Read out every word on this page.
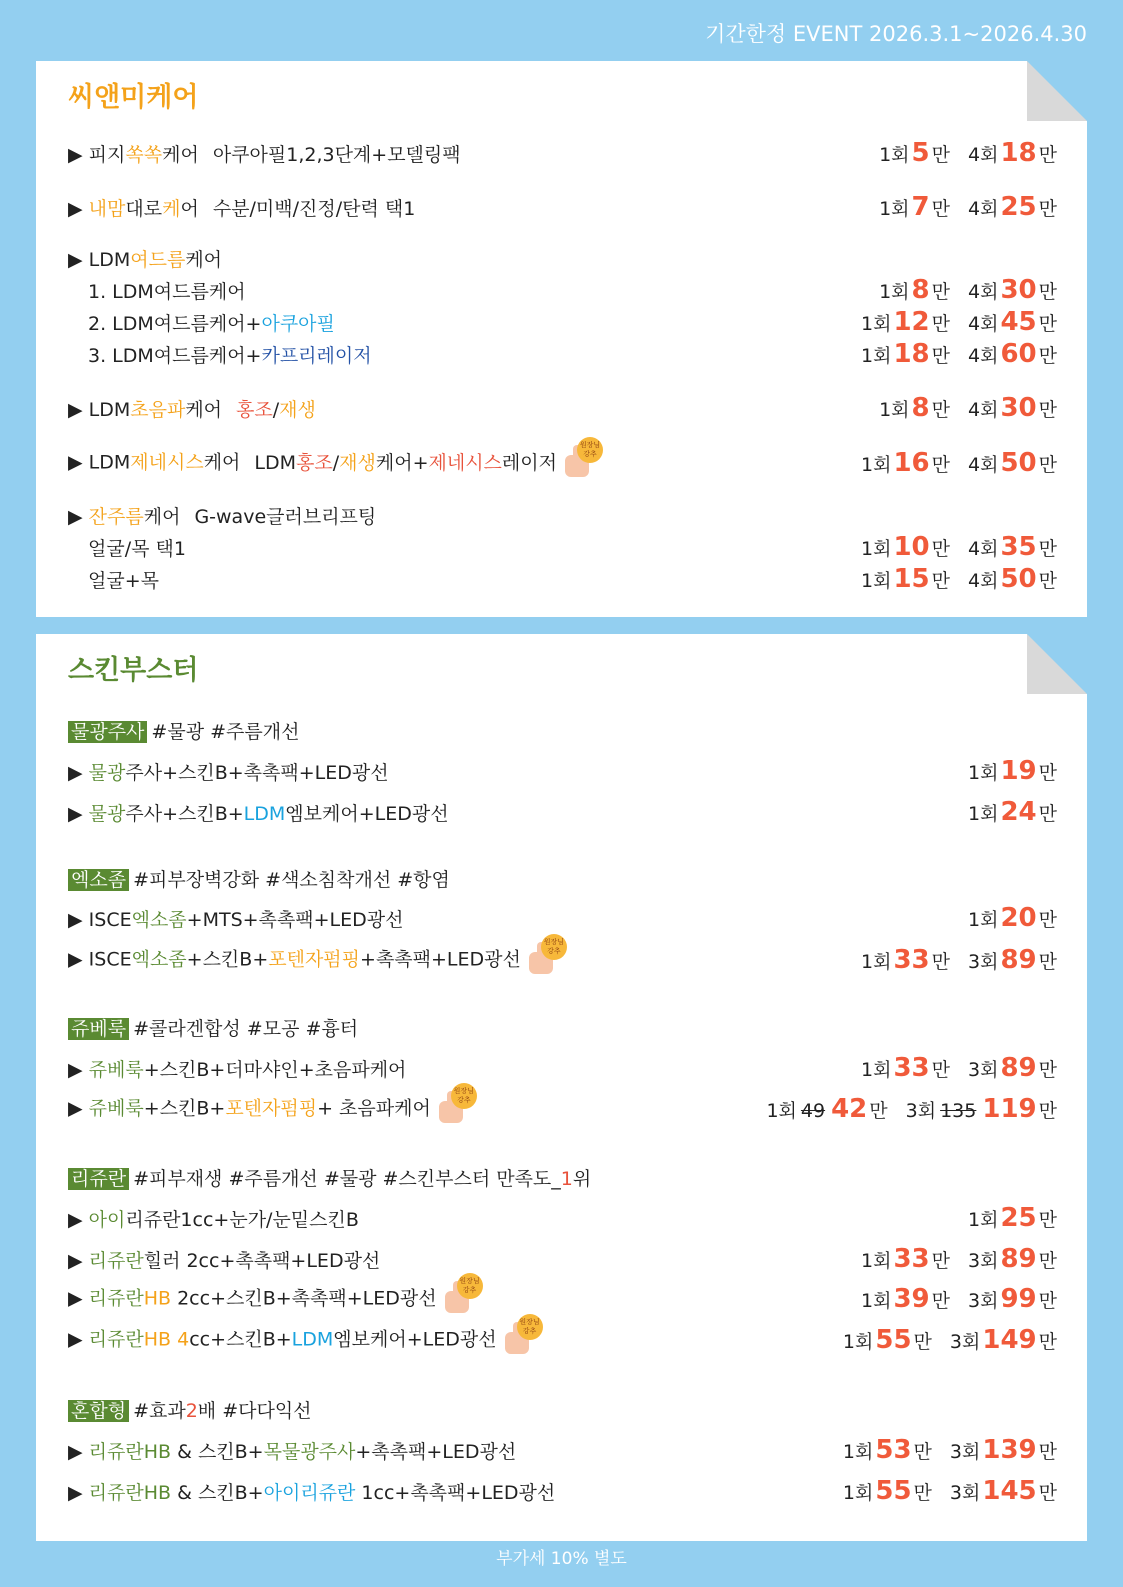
기간한정 EVENT 2026.3.1~2026.4.30
씨앤미케어
▶ 피지쏙쏙케어 아쿠아필1,2,3단계+모델링팩	1회 5 만 4회 18 만
▶ 내맘대로케어 수분/미백/진정/탄력 택1	1회 7 만 4회 25 만
▶ LDM여드름케어
1. LDM여드름케어	1회 8 만 4회 30 만
2. LDM여드름케어+아쿠아필	1회 12 만 4회 45 만
3. LDM여드름케어+카프리레이저	1회 18 만 4회 60 만
▶ LDM초음파케어 홍조/재생	1회 8 만 4회 30 만
▶ LDM제네시스케어 LDM홍조/재생케어+제네시스레이저
원장님
강추	1회 16 만 4회 50 만
▶ 잔주름케어 G-wave글러브리프팅
얼굴/목 택1	1회 10 만 4회 35 만
얼굴+목	1회 15 만 4회 50 만
스킨부스터
물광주사 #물광 #주름개선
▶ 물광주사+스킨B+촉촉팩+LED광선	1회 19 만
▶ 물광주사+스킨B+LDM엠보케어+LED광선	1회 24 만
엑소좀 #피부장벽강화 #색소침착개선 #항염
▶ ISCE엑소좀+MTS+촉촉팩+LED광선	1회 20 만
▶ ISCE엑소좀+스킨B+포텐자펌핑+촉촉팩+LED광선
원장님
강추	1회 33 만 3회 89 만
쥬베룩 #콜라겐합성 #모공 #흉터
▶ 쥬베룩+스킨B+더마샤인+초음파케어	1회 33 만 3회 89 만
▶ 쥬베룩+스킨B+포텐자펌핑+ 초음파케어
원장님
강추	1회 49 42 만 3회 135 119 만
리쥬란 #피부재생 #주름개선 #물광 #스킨부스터 만족도_1위
▶ 아이리쥬란1cc+눈가/눈밑스킨B	1회 25 만
▶ 리쥬란힐러 2cc+촉촉팩+LED광선	1회 33 만 3회 89 만
▶ 리쥬란HB 2cc+스킨B+촉촉팩+LED광선
원장님
강추	1회 39 만 3회 99 만
▶ 리쥬란HB 4cc+스킨B+LDM엠보케어+LED광선
원장님
강추	1회 55 만 3회 149 만
혼합형 #효과2배 #다다익선
▶ 리쥬란HB & 스킨B+목물광주사+촉촉팩+LED광선	1회 53 만 3회 139 만
▶ 리쥬란HB & 스킨B+아이리쥬란 1cc+촉촉팩+LED광선	1회 55 만 3회 145 만
부가세 10% 별도
